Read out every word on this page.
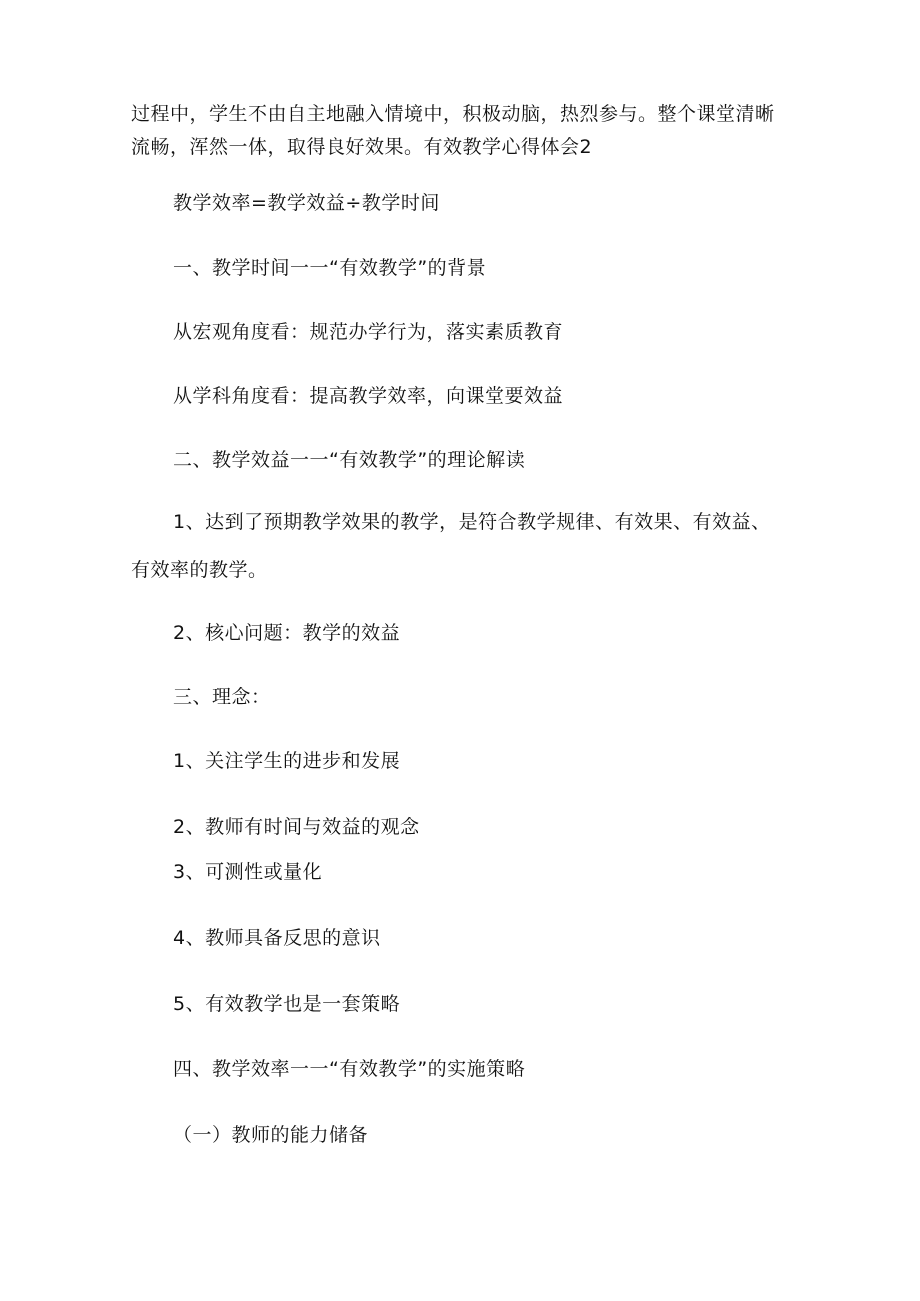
过程中，学生不由自主地融入情境中，积极动脑，热烈参与。整个课堂清晰
流畅，浑然一体，取得良好效果。有效教学心得体会2
教学效率=教学效益÷教学时间
一、教学时间一一“有效教学”的背景
从宏观角度看：规范办学行为，落实素质教育
从学科角度看：提高教学效率，向课堂要效益
二、教学效益一一“有效教学”的理论解读
1、达到了预期教学效果的教学，是符合教学规律、有效果、有效益、
有效率的教学。
2、核心问题：教学的效益
三、理念：
1、关注学生的进步和发展
2、教师有时间与效益的观念
3、可测性或量化
4、教师具备反思的意识
5、有效教学也是一套策略
四、教学效率一一“有效教学”的实施策略
（一）教师的能力储备
